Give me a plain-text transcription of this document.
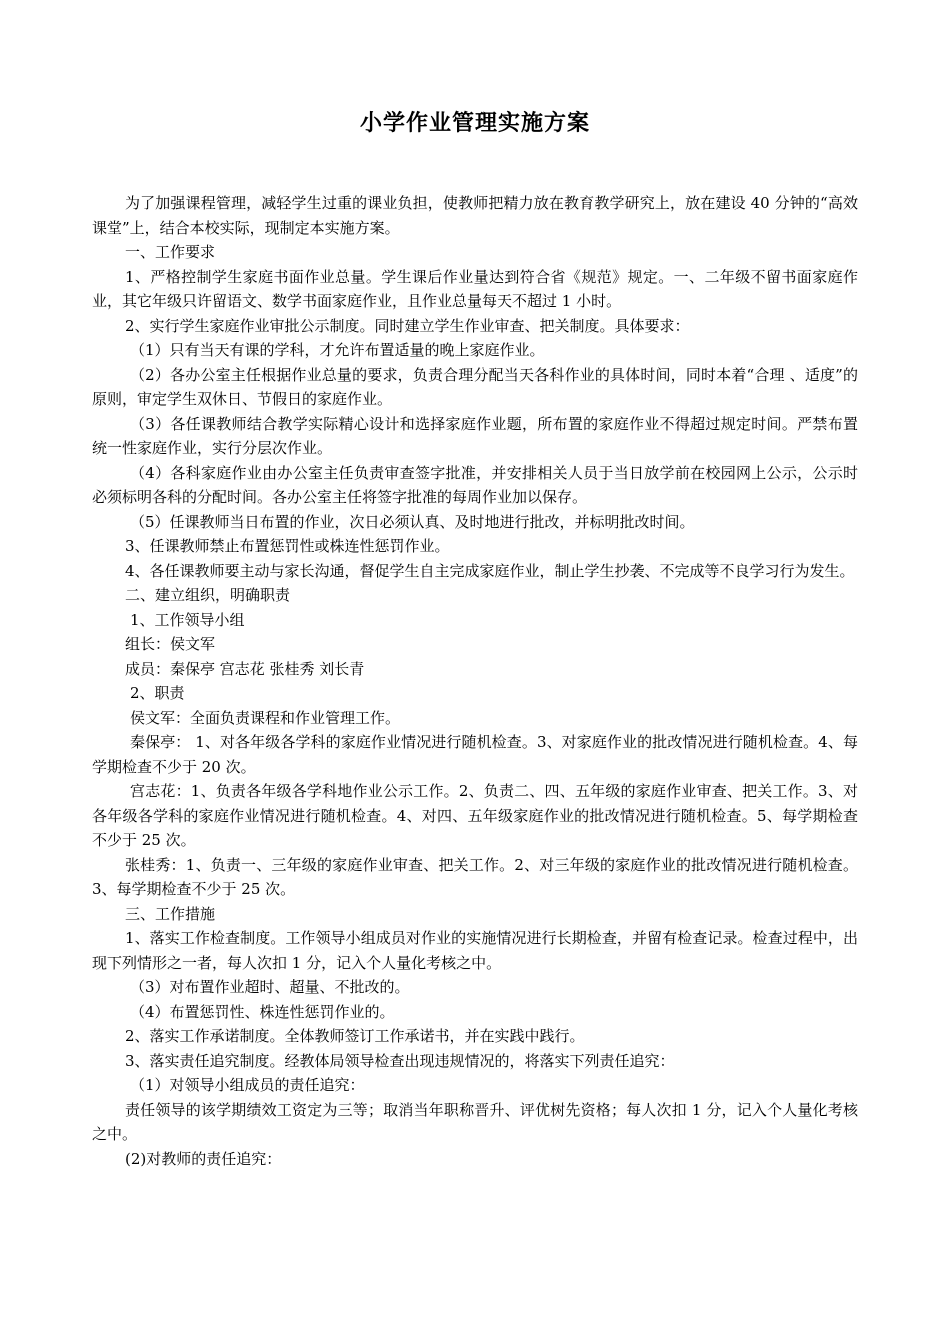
小学作业管理实施方案

为了加强课程管理，减轻学生过重的课业负担，使教师把精力放在教育教学研究上，放在建设 40 分钟的“高效课堂”上，结合本校实际，现制定本实施方案。

一、工作要求

1、严格控制学生家庭书面作业总量。学生课后作业量达到符合省《规范》规定。一、二年级不留书面家庭作业，其它年级只许留语文、数学书面家庭作业，且作业总量每天不超过 1 小时。

2、实行学生家庭作业审批公示制度。同时建立学生作业审查、把关制度。具体要求：

（1）只有当天有课的学科，才允许布置适量的晚上家庭作业。

（2）各办公室主任根据作业总量的要求，负责合理分配当天各科作业的具体时间，同时本着“合理 、适度”的原则，审定学生双休日、节假日的家庭作业。

（3）各任课教师结合教学实际精心设计和选择家庭作业题，所布置的家庭作业不得超过规定时间。严禁布置统一性家庭作业，实行分层次作业。

（4）各科家庭作业由办公室主任负责审查签字批准，并安排相关人员于当日放学前在校园网上公示，公示时必须标明各科的分配时间。各办公室主任将签字批准的每周作业加以保存。

（5）任课教师当日布置的作业，次日必须认真、及时地进行批改，并标明批改时间。

3、任课教师禁止布置惩罚性或株连性惩罚作业。

4、各任课教师要主动与家长沟通，督促学生自主完成家庭作业，制止学生抄袭、不完成等不良学习行为发生。

二、建立组织，明确职责

1、工作领导小组

组长：侯文军

成员：秦保亭 宫志花 张桂秀 刘长青

2、职责

侯文军：全面负责课程和作业管理工作。

秦保亭： 1、对各年级各学科的家庭作业情况进行随机检查。3、对家庭作业的批改情况进行随机检查。4、每学期检查不少于 20 次。

宫志花：1、负责各年级各学科地作业公示工作。2、负责二、四、五年级的家庭作业审查、把关工作。3、对各年级各学科的家庭作业情况进行随机检查。4、对四、五年级家庭作业的批改情况进行随机检查。5、每学期检查不少于 25 次。

张桂秀：1、负责一、三年级的家庭作业审查、把关工作。2、对三年级的家庭作业的批改情况进行随机检查。3、每学期检查不少于 25 次。

三、工作措施

1、落实工作检查制度。工作领导小组成员对作业的实施情况进行长期检查，并留有检查记录。检查过程中，出现下列情形之一者，每人次扣 1 分，记入个人量化考核之中。

（3）对布置作业超时、超量、不批改的。

（4）布置惩罚性、株连性惩罚作业的。

2、落实工作承诺制度。全体教师签订工作承诺书，并在实践中践行。

3、落实责任追究制度。经教体局领导检查出现违规情况的，将落实下列责任追究：

（1）对领导小组成员的责任追究：

责任领导的该学期绩效工资定为三等；取消当年职称晋升、评优树先资格；每人次扣 1 分，记入个人量化考核之中。

(2)对教师的责任追究：
